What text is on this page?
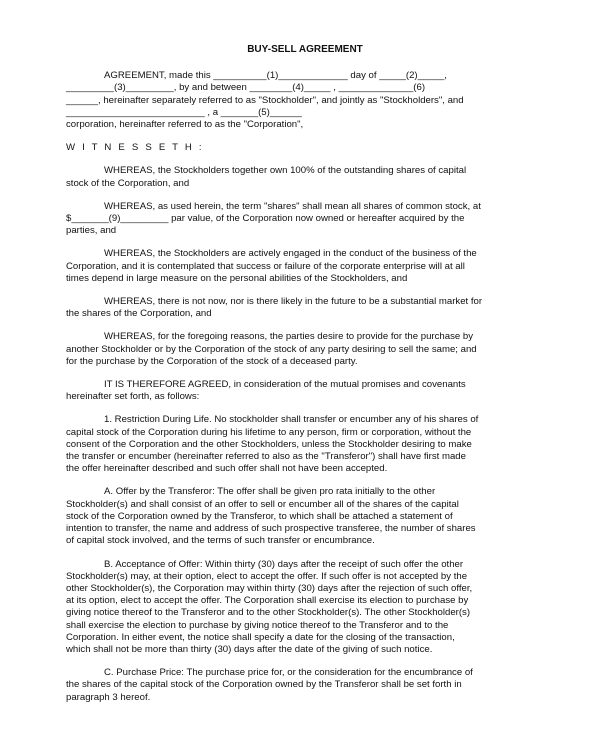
BUY-SELL AGREEMENT
AGREEMENT, made this __________(1)_____________ day of _____(2)_____,
_________(3)_________, by and between ________(4)_____ , ______________(6)
______, hereinafter separately referred to as "Stockholder", and jointly as "Stockholders", and
__________________________ , a _______(5)______
corporation, hereinafter referred to as the "Corporation",
W I T N E S S E T H :
WHEREAS, the Stockholders together own 100% of the outstanding shares of capital
stock of the Corporation, and
WHEREAS, as used herein, the term "shares" shall mean all shares of common stock, at
$_______(9)_________ par value, of the Corporation now owned or hereafter acquired by the
parties, and
WHEREAS, the Stockholders are actively engaged in the conduct of the business of the
Corporation, and it is contemplated that success or failure of the corporate enterprise will at all
times depend in large measure on the personal abilities of the Stockholders, and
WHEREAS, there is not now, nor is there likely in the future to be a substantial market for
the shares of the Corporation, and
WHEREAS, for the foregoing reasons, the parties desire to provide for the purchase by
another Stockholder or by the Corporation of the stock of any party desiring to sell the same; and
for the purchase by the Corporation of the stock of a deceased party.
IT IS THEREFORE AGREED, in consideration of the mutual promises and covenants
hereinafter set forth, as follows:
1. Restriction During Life. No stockholder shall transfer or encumber any of his shares of
capital stock of the Corporation during his lifetime to any person, firm or corporation, without the
consent of the Corporation and the other Stockholders, unless the Stockholder desiring to make
the transfer or encumber (hereinafter referred to also as the "Transferor") shall have first made
the offer hereinafter described and such offer shall not have been accepted.
A. Offer by the Transferor: The offer shall be given pro rata initially to the other
Stockholder(s) and shall consist of an offer to sell or encumber all of the shares of the capital
stock of the Corporation owned by the Transferor, to which shall be attached a statement of
intention to transfer, the name and address of such prospective transferee, the number of shares
of capital stock involved, and the terms of such transfer or encumbrance.
B. Acceptance of Offer: Within thirty (30) days after the receipt of such offer the other
Stockholder(s) may, at their option, elect to accept the offer. If such offer is not accepted by the
other Stockholder(s), the Corporation may within thirty (30) days after the rejection of such offer,
at its option, elect to accept the offer. The Corporation shall exercise its election to purchase by
giving notice thereof to the Transferor and to the other Stockholder(s). The other Stockholder(s)
shall exercise the election to purchase by giving notice thereof to the Transferor and to the
Corporation. In either event, the notice shall specify a date for the closing of the transaction,
which shall not be more than thirty (30) days after the date of the giving of such notice.
C. Purchase Price: The purchase price for, or the consideration for the encumbrance of
the shares of the capital stock of the Corporation owned by the Transferor shall be set forth in
paragraph 3 hereof.
